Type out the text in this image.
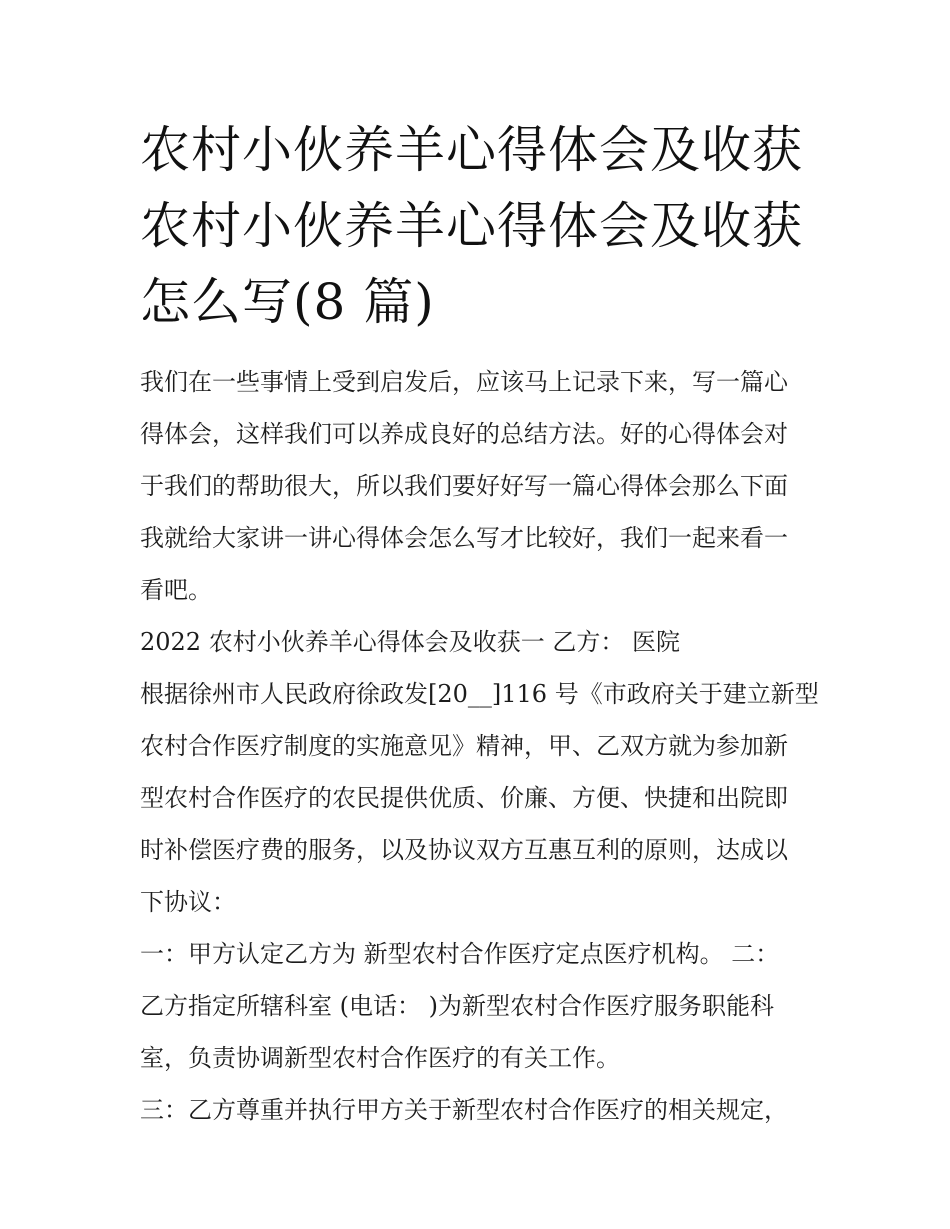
农村小伙养羊心得体会及收获
农村小伙养羊心得体会及收获
怎么写(8 篇)
我们在一些事情上受到启发后，应该马上记录下来，写一篇心
得体会，这样我们可以养成良好的总结方法。好的心得体会对
于我们的帮助很大，所以我们要好好写一篇心得体会那么下面
我就给大家讲一讲心得体会怎么写才比较好，我们一起来看一
看吧。
2022 农村小伙养羊心得体会及收获一 乙方： 医院
根据徐州市人民政府徐政发[20__]116 号《市政府关于建立新型
农村合作医疗制度的实施意见》精神，甲、乙双方就为参加新
型农村合作医疗的农民提供优质、价廉、方便、快捷和出院即
时补偿医疗费的服务，以及协议双方互惠互利的原则，达成以
下协议：
一：甲方认定乙方为 新型农村合作医疗定点医疗机构。 二：
乙方指定所辖科室 (电话： )为新型农村合作医疗服务职能科
室，负责协调新型农村合作医疗的有关工作。
三：乙方尊重并执行甲方关于新型农村合作医疗的相关规定，
